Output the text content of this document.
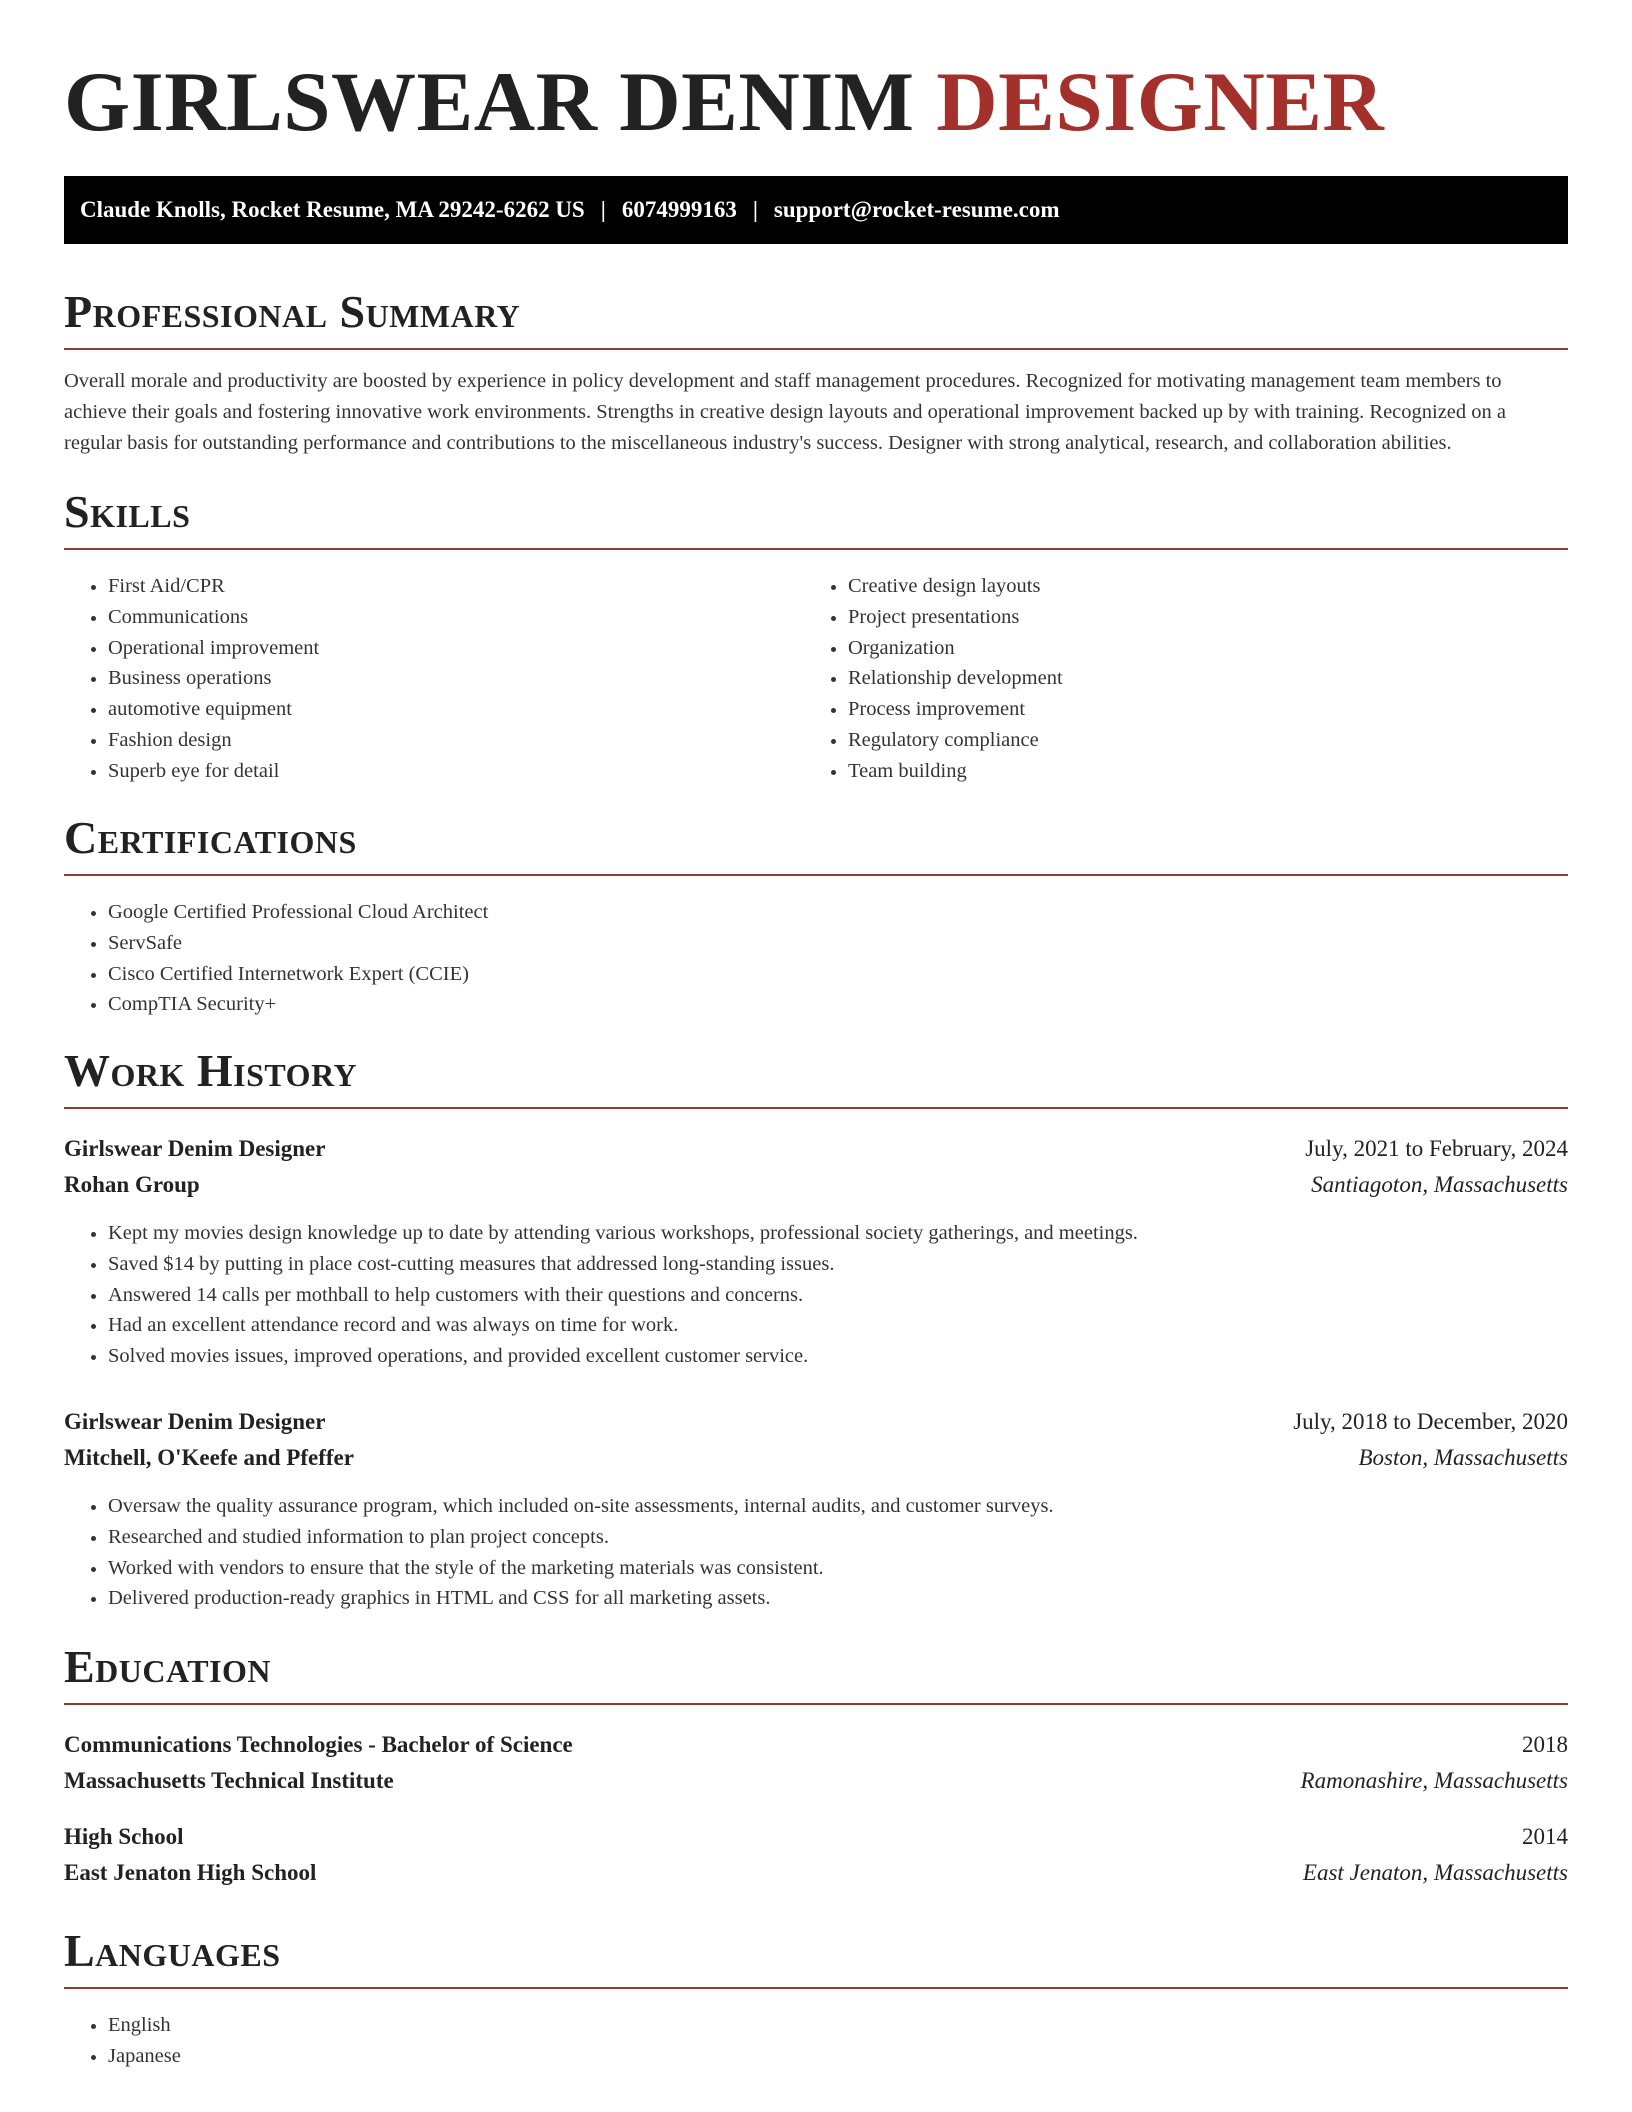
GIRLSWEAR DENIM DESIGNER
Claude Knolls, Rocket Resume, MA 29242-6262 US | 6074999163 | support@rocket-resume.com
Professional Summary

Overall morale and productivity are boosted by experience in policy development and staff management procedures. Recognized for motivating management team members to achieve their goals and fostering innovative work environments. Strengths in creative design layouts and operational improvement backed up by with training. Recognized on a regular basis for outstanding performance and contributions to the miscellaneous industry's success. Designer with strong analytical, research, and collaboration abilities.

Skills
• First Aid/CPR
• Communications
• Operational improvement
• Business operations
• automotive equipment
• Fashion design
• Superb eye for detail
• Creative design layouts
• Project presentations
• Organization
• Relationship development
• Process improvement
• Regulatory compliance
• Team building
Certifications
• Google Certified Professional Cloud Architect
• ServSafe
• Cisco Certified Internetwork Expert (CCIE)
• CompTIA Security+
Work History
Girlswear Denim Designer	July, 2021 to February, 2024
Rohan Group	Santiagoton, Massachusetts
• Kept my movies design knowledge up to date by attending various workshops, professional society gatherings, and meetings.
• Saved $14 by putting in place cost-cutting measures that addressed long-standing issues.
• Answered 14 calls per mothball to help customers with their questions and concerns.
• Had an excellent attendance record and was always on time for work.
• Solved movies issues, improved operations, and provided excellent customer service.
Girlswear Denim Designer	July, 2018 to December, 2020
Mitchell, O'Keefe and Pfeffer	Boston, Massachusetts
• Oversaw the quality assurance program, which included on-site assessments, internal audits, and customer surveys.
• Researched and studied information to plan project concepts.
• Worked with vendors to ensure that the style of the marketing materials was consistent.
• Delivered production-ready graphics in HTML and CSS for all marketing assets.
Education
Communications Technologies - Bachelor of Science	2018
Massachusetts Technical Institute	Ramonashire, Massachusetts
High School	2014
East Jenaton High School	East Jenaton, Massachusetts
Languages
• English
• Japanese
